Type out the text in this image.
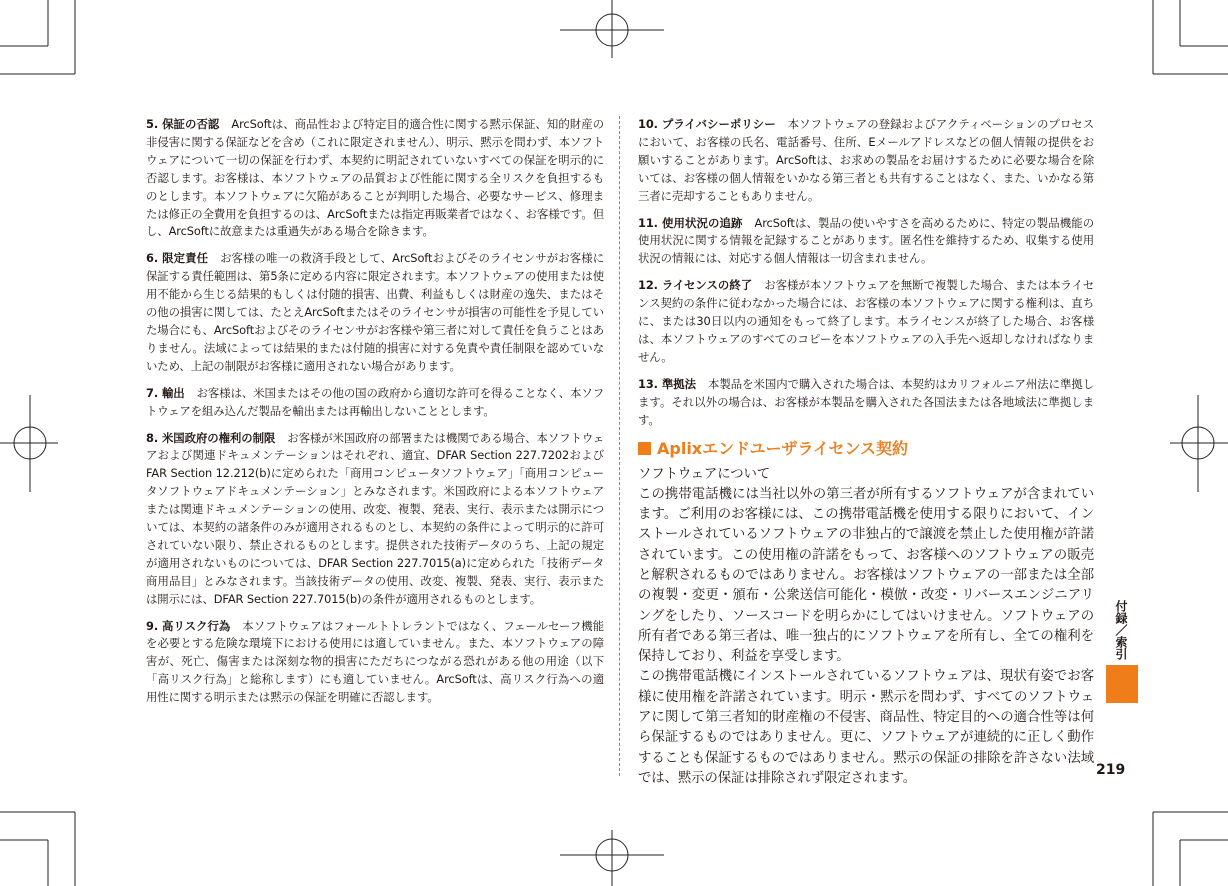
5. 保証の否認 ArcSoftは、商品性および特定目的適合性に関する黙示保証、知的財産の非侵害に関する保証などを含め（これに限定されません）、明示、黙示を問わず、本ソフトウェアについて一切の保証を行わず、本契約に明記されていないすべての保証を明示的に否認します。お客様は、本ソフトウェアの品質および性能に関する全リスクを負担するものとします。本ソフトウェアに欠陥があることが判明した場合、必要なサービス、修理または修正の全費用を負担するのは、ArcSoftまたは指定再販業者ではなく、お客様です。但し、ArcSoftに故意または重過失がある場合を除きます。

6. 限定責任 お客様の唯一の救済手段として、ArcSoftおよびそのライセンサがお客様に保証する責任範囲は、第5条に定める内容に限定されます。本ソフトウェアの使用または使用不能から生じる結果的もしくは付随的損害、出費、利益もしくは財産の逸失、またはその他の損害に関しては、たとえArcSoftまたはそのライセンサが損害の可能性を予見していた場合にも、ArcSoftおよびそのライセンサがお客様や第三者に対して責任を負うことはありません。法域によっては結果的または付随的損害に対する免責や責任制限を認めていないため、上記の制限がお客様に適用されない場合があります。

7. 輸出 お客様は、米国またはその他の国の政府から適切な許可を得ることなく、本ソフトウェアを組み込んだ製品を輸出または再輸出しないこととします。

8. 米国政府の権利の制限 お客様が米国政府の部署または機関である場合、本ソフトウェアおよび関連ドキュメンテーションはそれぞれ、適宜、DFAR Section 227.7202およびFAR Section 12.212(b)に定められた「商用コンピュータソフトウェア」「商用コンピュータソフトウェアドキュメンテーション」とみなされます。米国政府による本ソフトウェアまたは関連ドキュメンテーションの使用、改変、複製、発表、実行、表示または開示については、本契約の諸条件のみが適用されるものとし、本契約の条件によって明示的に許可されていない限り、禁止されるものとします。提供された技術データのうち、上記の規定が適用されないものについては、DFAR Section 227.7015(a)に定められた「技術データ商用品目」とみなされます。当該技術データの使用、改変、複製、発表、実行、表示または開示には、DFAR Section 227.7015(b)の条件が適用されるものとします。

9. 高リスク行為 本ソフトウェアはフォールトトレラントではなく、フェールセーフ機能を必要とする危険な環境下における使用には適していません。また、本ソフトウェアの障害が、死亡、傷害または深刻な物的損害にただちにつながる恐れがある他の用途（以下「高リスク行為」と総称します）にも適していません。ArcSoftは、高リスク行為への適用性に関する明示または黙示の保証を明確に否認します。

10. プライバシーポリシー 本ソフトウェアの登録およびアクティベーションのプロセスにおいて、お客様の氏名、電話番号、住所、Eメールアドレスなどの個人情報の提供をお願いすることがあります。ArcSoftは、お求めの製品をお届けするために必要な場合を除いては、お客様の個人情報をいかなる第三者とも共有することはなく、また、いかなる第三者に売却することもありません。

11. 使用状況の追跡 ArcSoftは、製品の使いやすさを高めるために、特定の製品機能の使用状況に関する情報を記録することがあります。匿名性を維持するため、収集する使用状況の情報には、対応する個人情報は一切含まれません。

12. ライセンスの終了 お客様が本ソフトウェアを無断で複製した場合、または本ライセンス契約の条件に従わなかった場合には、お客様の本ソフトウェアに関する権利は、直ちに、または30日以内の通知をもって終了します。本ライセンスが終了した場合、お客様は、本ソフトウェアのすべてのコピーを本ソフトウェアの入手先へ返却しなければなりません。

13. 準拠法 本製品を米国内で購入された場合は、本契約はカリフォルニア州法に準拠します。それ以外の場合は、お客様が本製品を購入された各国法または各地域法に準拠します。

Aplixエンドユーザライセンス契約

ソフトウェアについて

この携帯電話機には当社以外の第三者が所有するソフトウェアが含まれています。ご利用のお客様には、この携帯電話機を使用する限りにおいて、インストールされているソフトウェアの非独占的で譲渡を禁止した使用権が許諾されています。この使用権の許諾をもって、お客様へのソフトウェアの販売と解釈されるものではありません。お客様はソフトウェアの一部または全部の複製・変更・頒布・公衆送信可能化・模倣・改変・リバースエンジニアリングをしたり、ソースコードを明らかにしてはいけません。ソフトウェアの所有者である第三者は、唯一独占的にソフトウェアを所有し、全ての権利を保持しており、利益を享受します。

この携帯電話機にインストールされているソフトウェアは、現状有姿でお客様に使用権を許諾されています。明示・黙示を問わず、すべてのソフトウェアに関して第三者知的財産権の不侵害、商品性、特定目的への適合性等は何ら保証するものではありません。更に、ソフトウェアが連続的に正しく動作することも保証するものではありません。黙示の保証の排除を許さない法域では、黙示の保証は排除されず限定されます。

付録／索引
219
